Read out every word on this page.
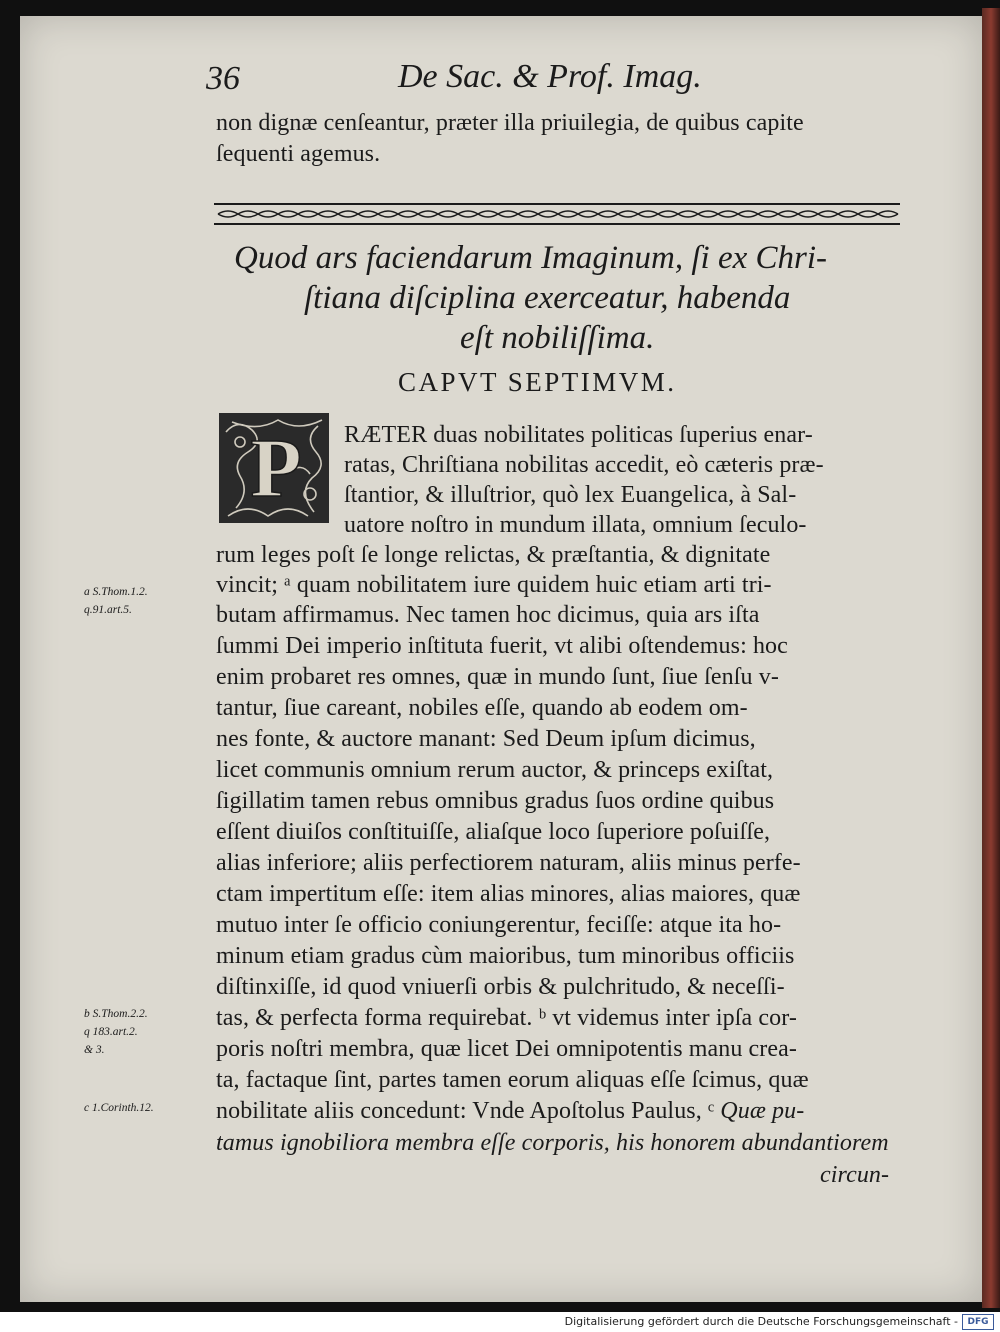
36	De Sac. & Prof. Imag.
non dignæ cenſeantur, præter illa priuilegia, de quibus capite
ſequenti agemus.
Quod ars faciendarum Imaginum, ſi ex Chri-
ſtiana diſciplina exerceatur, habenda
eſt nobiliſſima.
CAPVT SEPTIMVM.
P RÆTER duas nobilitates politicas ſuperius enar-
ratas, Chriſtiana nobilitas accedit, eò cæteris præ-
ſtantior, & illuſtrior, quò lex Euangelica, à Sal-
uatore noſtro in mundum illata, omnium ſeculo-
rum leges poſt ſe longe relictas, & præſtantia, & dignitate
vincit; ᵃ quam nobilitatem iure quidem huic etiam arti tri-
butam affirmamus. Nec tamen hoc dicimus, quia ars iſta
ſummi Dei imperio inſtituta fuerit, vt alibi oſtendemus: hoc
enim probaret res omnes, quæ in mundo ſunt, ſiue ſenſu v-
tantur, ſiue careant, nobiles eſſe, quando ab eodem om-
nes fonte, & auctore manant: Sed Deum ipſum dicimus,
licet communis omnium rerum auctor, & princeps exiſtat,
ſigillatim tamen rebus omnibus gradus ſuos ordine quibus
eſſent diuiſos conſtituiſſe, aliaſque loco ſuperiore poſuiſſe,
alias inferiore; aliis perfectiorem naturam, aliis minus perfe-
ctam impertitum eſſe: item alias minores, alias maiores, quæ
mutuo inter ſe officio coniungerentur, feciſſe: atque ita ho-
minum etiam gradus cùm maioribus, tum minoribus officiis
diſtinxiſſe, id quod vniuerſi orbis & pulchritudo, & neceſſi-
tas, & perfecta forma requirebat. ᵇ vt videmus inter ipſa cor-
poris noſtri membra, quæ licet Dei omnipotentis manu crea-
ta, factaque ſint, partes tamen eorum aliquas eſſe ſcimus, quæ
nobilitate aliis concedunt: Vnde Apoſtolus Paulus, ᶜ Quæ pu-
tamus ignobiliora membra eſſe corporis, his honorem abundantiorem
circun-
a S.Thom.1.2.
q.91.art.5.
b S.Thom.2.2.
q 183.art.2.
& 3.
c 1.Corinth.12.
Digitalisierung gefördert durch die Deutsche Forschungsgemeinschaft -	DFG
